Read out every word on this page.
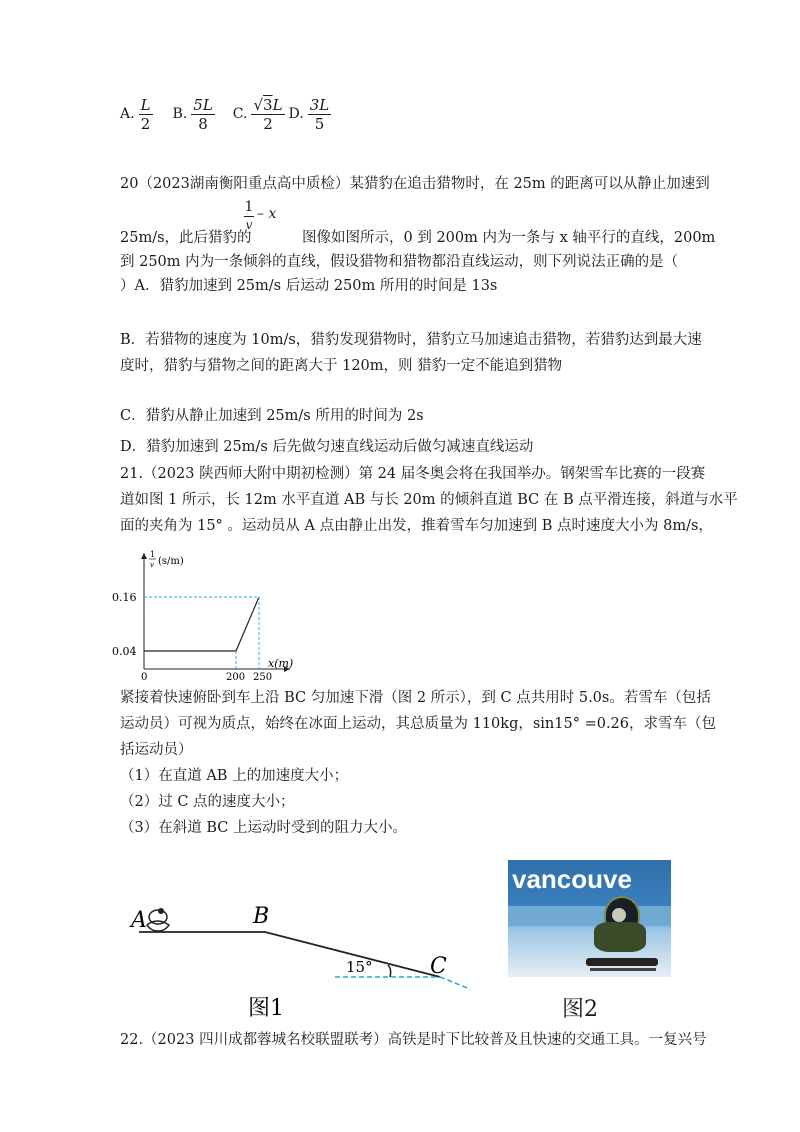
A. $\frac{L}{2} B$. $\frac{5L}{8} C$. $\frac{√3L}{2} D$. $\frac{3L}{5}$
20（2023湖南衡阳重点高中质检）某猎豹在追击猎物时，在 25m 的距离可以从静止加速到
1 – x
v
25m/s，此后猎豹的	图像如图所示，0 到 200m 内为一条与 x 轴平行的直线，200m
到 250m 内为一条倾斜的直线，假设猎物和猎物都沿直线运动，则下列说法正确的是（
）A．猎豹加速到 25m/s 后运动 250m 所用的时间是 13s
B．若猎物的速度为 10m/s，猎豹发现猎物时，猎豹立马加速追击猎物，若猎豹达到最大速
度时，猎豹与猎物之间的距离大于 120m，则 猎豹一定不能追到猎物
C．猎豹从静止加速到 25m/s 所用的时间为 2s
D．猎豹加速到 25m/s 后先做匀速直线运动后做匀减速直线运动
21.（2023 陕西师大附中期初检测）第 24 届冬奥会将在我国举办。钢架雪车比赛的一段赛
道如图 1 所示，长 12m 水平直道 AB 与长 20m 的倾斜直道 BC 在 B 点平滑连接，斜道与水平
面的夹角为 15° 。运动员从 A 点由静止出发，推着雪车匀加速到 B 点时速度大小为 8m/s，
1
v (s/m)
x(m)
0
0.16
0.04
200 250
紧接着快速俯卧到车上沿 BC 匀加速下滑（图 2 所示），到 C 点共用时 5.0s。若雪车（包括
运动员）可视为质点，始终在冰面上运动，其总质量为 110kg，sin15° =0.26，求雪车（包
括运动员）
（1）在直道 AB 上的加速度大小；
（2）过 C 点的速度大小；
（3）在斜道 BC 上运动时受到的阻力大小。
A	B
15°	C
图1
vancouve
图2
22.（2023 四川成都蓉城名校联盟联考）高铁是时下比较普及且快速的交通工具。一复兴号
